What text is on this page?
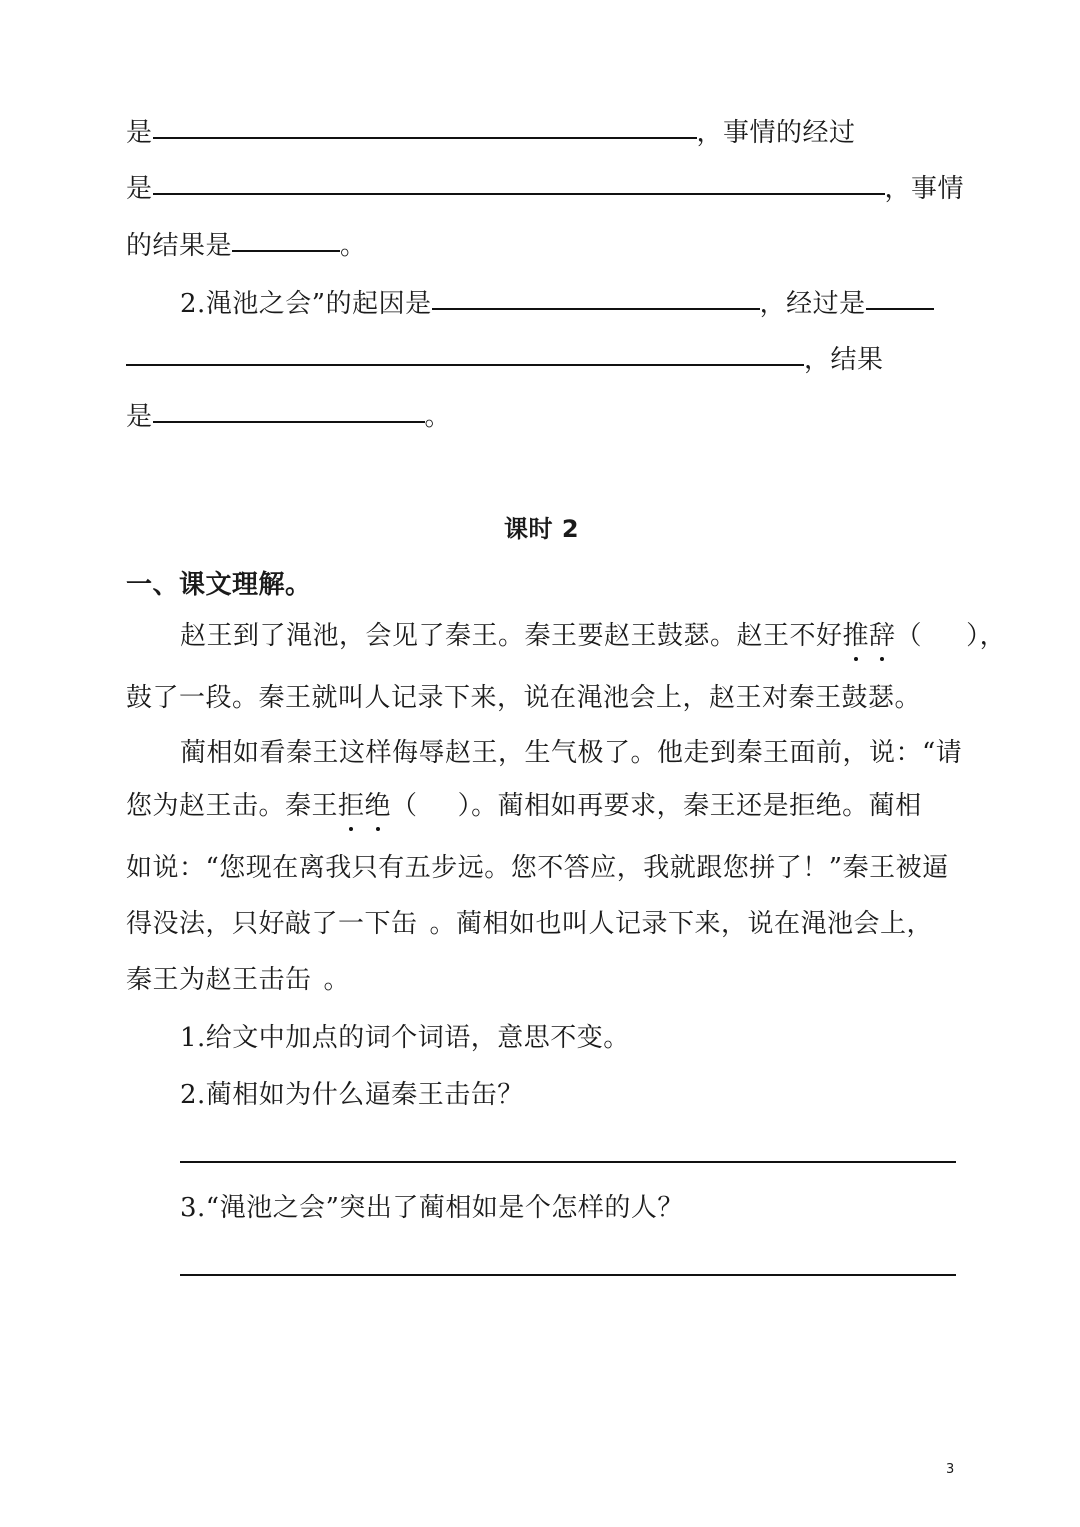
是	，事情的经过
是	，事情
的结果是	。
2.渑池之会”的起因是	，经过是
，结果
是	。
课时 2
一、课文理解。
赵王到了渑池，会见了秦王。秦王要赵王鼓瑟。赵王不好推辞（ ），
鼓了一段。秦王就叫人记录下来，说在渑池会上，赵王对秦王鼓瑟。
蔺相如看秦王这样侮辱赵王，生气极了。他走到秦王面前，说：“请
您为赵王击。秦王拒绝（ ）。蔺相如再要求，秦王还是拒绝。蔺相
如说：“您现在离我只有五步远。您不答应，我就跟您拼了！”秦王被逼
得没法，只好敲了一下缶 。蔺相如也叫人记录下来，说在渑池会上，
秦王为赵王击缶 。
1.给文中加点的词个词语，意思不变。
2.蔺相如为什么逼秦王击缶？
3.“渑池之会”突出了蔺相如是个怎样的人？
3
